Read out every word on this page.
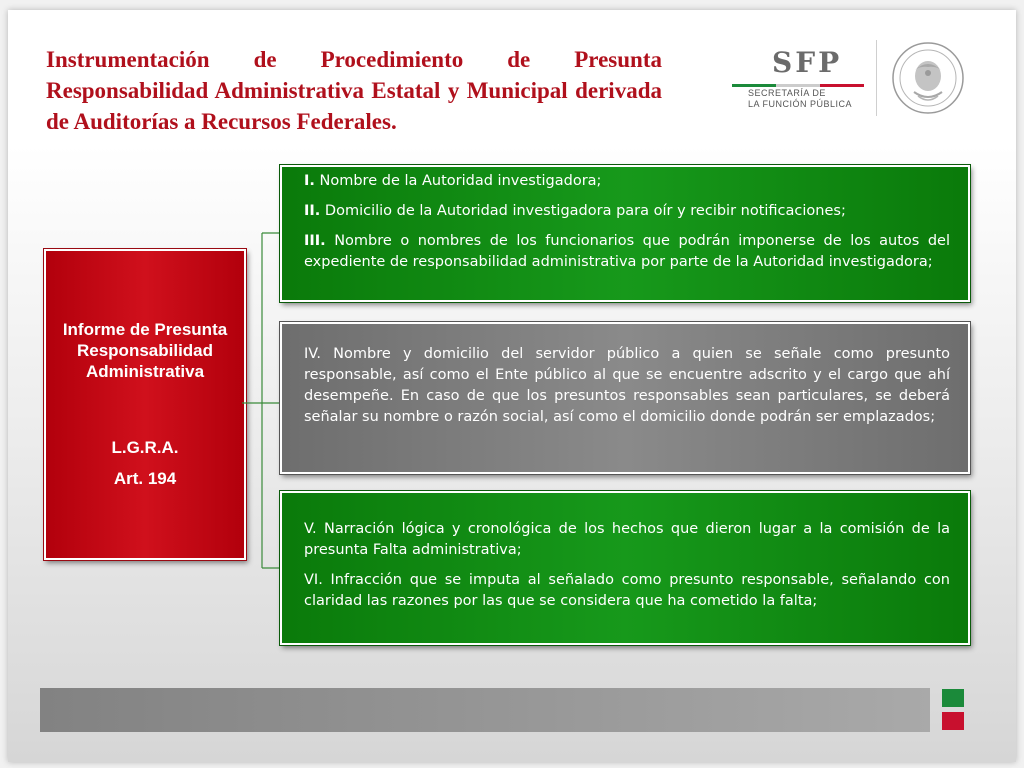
Instrumentación de Procedimiento de Presunta Responsabilidad Administrativa Estatal y Municipal derivada de Auditorías a Recursos Federales.

SFP

SECRETARÍA DE
LA FUNCIÓN PÚBLICA

Informe de Presunta Responsabilidad Administrativa

L.G.R.A.

Art. 194

I. Nombre de la Autoridad investigadora;

II. Domicilio de la Autoridad investigadora para oír y recibir notificaciones;

III. Nombre o nombres de los funcionarios que podrán imponerse de los autos del expediente de responsabilidad administrativa por parte de la Autoridad investigadora;

IV. Nombre y domicilio del servidor público a quien se señale como presunto responsable, así como el Ente público al que se encuentre adscrito y el cargo que ahí desempeñe. En caso de que los presuntos responsables sean particulares, se deberá señalar su nombre o razón social, así como el domicilio donde podrán ser emplazados;

V. Narración lógica y cronológica de los hechos que dieron lugar a la comisión de la presunta Falta administrativa;

VI. Infracción que se imputa al señalado como presunto responsable, señalando con claridad las razones por las que se considera que ha cometido la falta;
